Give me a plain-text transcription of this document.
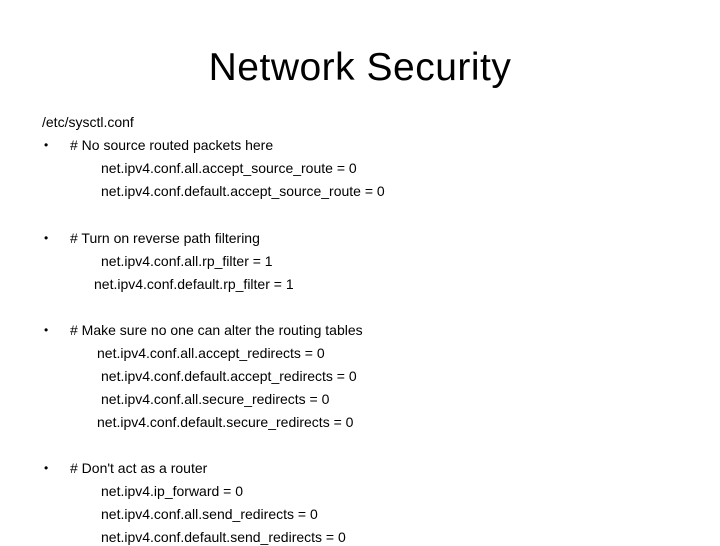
Network Security
/etc/sysctl.conf
• # No source routed packets here
net.ipv4.conf.all.accept_source_route = 0
net.ipv4.conf.default.accept_source_route = 0
• # Turn on reverse path filtering
net.ipv4.conf.all.rp_filter = 1
net.ipv4.conf.default.rp_filter = 1
• # Make sure no one can alter the routing tables
net.ipv4.conf.all.accept_redirects = 0
net.ipv4.conf.default.accept_redirects = 0
net.ipv4.conf.all.secure_redirects = 0
net.ipv4.conf.default.secure_redirects = 0
• # Don't act as a router
net.ipv4.ip_forward = 0
net.ipv4.conf.all.send_redirects = 0
net.ipv4.conf.default.send_redirects = 0
